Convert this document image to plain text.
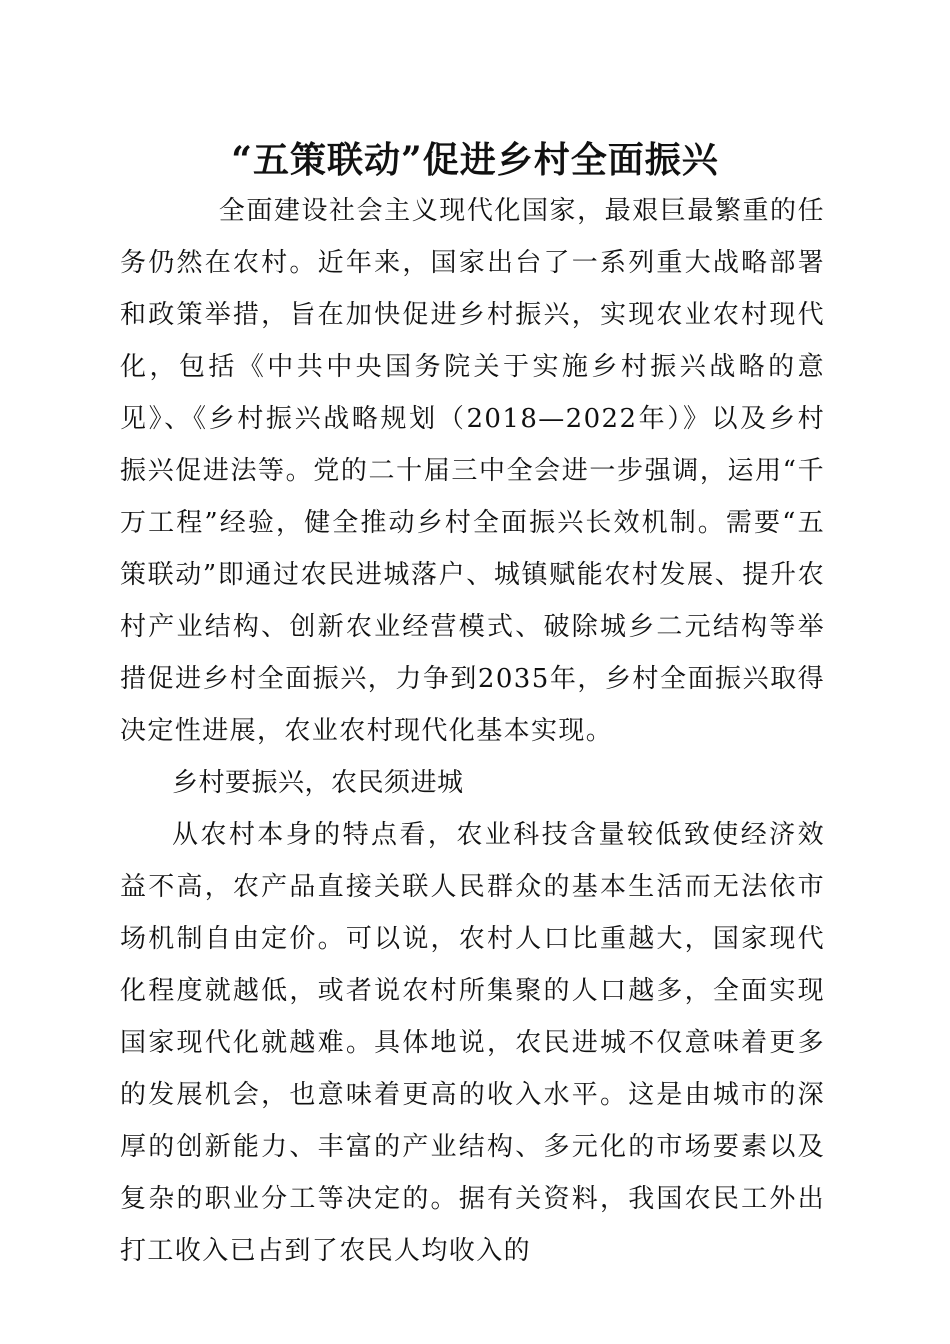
“五策联动”促进乡村全面振兴

全面建设社会主义现代化国家，最艰巨最繁重的任务仍然在农村。近年来，国家出台了一系列重大战略部署和政策举措，旨在加快促进乡村振兴，实现农业农村现代化，包括《中共中央国务院关于实施乡村振兴战略的意见》、《乡村振兴战略规划（2018—2022年）》以及乡村振兴促进法等。党的二十届三中全会进一步强调，运用“千万工程”经验，健全推动乡村全面振兴长效机制。需要“五策联动”即通过农民进城落户、城镇赋能农村发展、提升农村产业结构、创新农业经营模式、破除城乡二元结构等举措促进乡村全面振兴，力争到2035年，乡村全面振兴取得决定性进展，农业农村现代化基本实现。

乡村要振兴，农民须进城

从农村本身的特点看，农业科技含量较低致使经济效益不高，农产品直接关联人民群众的基本生活而无法依市场机制自由定价。可以说，农村人口比重越大，国家现代化程度就越低，或者说农村所集聚的人口越多，全面实现国家现代化就越难。具体地说，农民进城不仅意味着更多的发展机会，也意味着更高的收入水平。这是由城市的深厚的创新能力、丰富的产业结构、多元化的市场要素以及复杂的职业分工等决定的。据有关资料，我国农民工外出打工收入已占到了农民人均收入的
